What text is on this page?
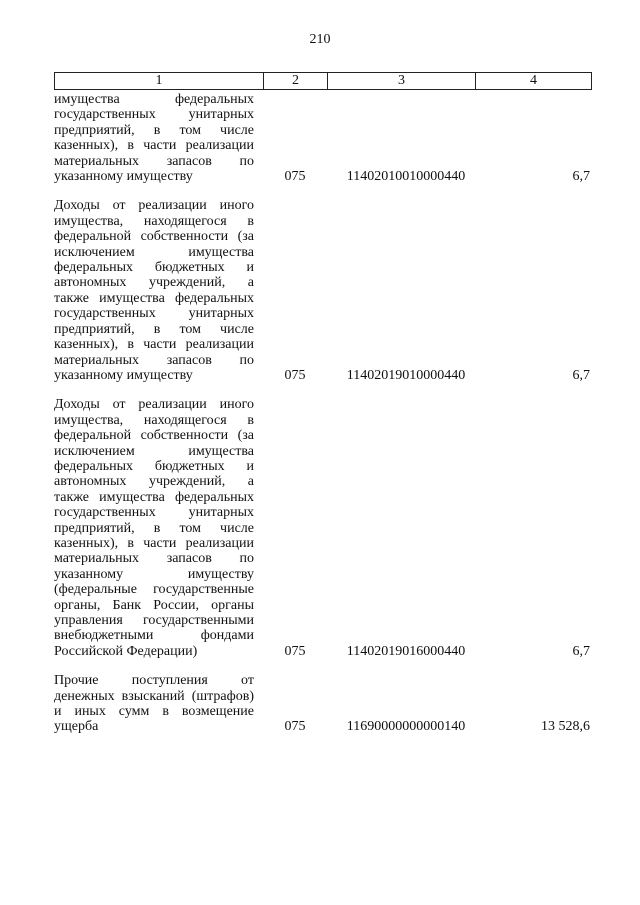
210
1	2	3	4
имущества федеральных государственных унитарных предприятий, в том числе казенных), в части реализации материальных запасов по указанному имуществу	075	11402010010000440	6,7
Доходы от реализации иного имущества, находящегося в федеральной собственности (за исключением имущества федеральных бюджетных и автономных учреждений, а также имущества федеральных государственных унитарных предприятий, в том числе казенных), в части реализации материальных запасов по указанному имуществу	075	11402019010000440	6,7
Доходы от реализации иного имущества, находящегося в федеральной собственности (за исключением имущества федеральных бюджетных и автономных учреждений, а также имущества федеральных государственных унитарных предприятий, в том числе казенных), в части реализации материальных запасов по указанному имуществу (федеральные государственные органы, Банк России, органы управления государственными внебюджетными фондами Российской Федерации)	075	11402019016000440	6,7
Прочие поступления от денежных взысканий (штрафов) и иных сумм в возмещение ущерба	075	11690000000000140	13 528,6
